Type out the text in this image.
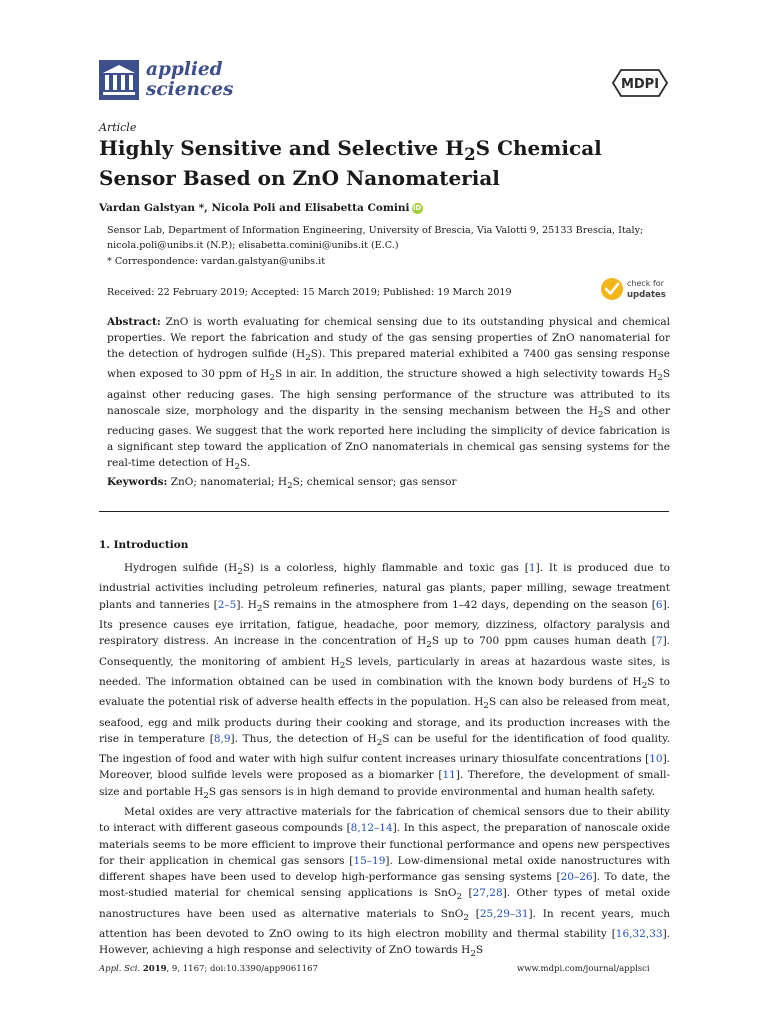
applied
sciences	MDPI
Article
Highly Sensitive and Selective $H_2S$ Chemical Sensor Based on ZnO Nanomaterial
Vardan Galstyan *, Nicola Poli and Elisabetta Comini iD
Sensor Lab, Department of Information Engineering, University of Brescia, Via Valotti 9, 25133 Brescia, Italy;
nicola.poli@unibs.it (N.P.); elisabetta.comini@unibs.it (E.C.)
* Correspondence: vardan.galstyan@unibs.it
Received: 22 February 2019; Accepted: 15 March 2019; Published: 19 March 2019
check for
updates

Abstract: ZnO is worth evaluating for chemical sensing due to its outstanding physical and chemical properties. We report the fabrication and study of the gas sensing properties of ZnO nanomaterial for the detection of hydrogen sulfide $(H_2S)$. This prepared material exhibited a 7400 gas sensing response when exposed to 30 ppm of $H_2S$ in air. In addition, the structure showed a high selectivity towards $H_2S$ against other reducing gases. The high sensing performance of the structure was attributed to its nanoscale size, morphology and the disparity in the sensing mechanism between the $H_2S$ and other reducing gases. We suggest that the work reported here including the simplicity of device fabrication is a significant step toward the application of ZnO nanomaterials in chemical gas sensing systems for the real-time detection of $H_2S$.

Keywords: ZnO; nanomaterial; $H_2S$; chemical sensor; gas sensor
1. Introduction

Hydrogen sulfide $(H_2S)$ is a colorless, highly flammable and toxic gas [1]. It is produced due to industrial activities including petroleum refineries, natural gas plants, paper milling, sewage treatment plants and tanneries [2–5]. $H_2S$ remains in the atmosphere from 1–42 days, depending on the season [6]. Its presence causes eye irritation, fatigue, headache, poor memory, dizziness, olfactory paralysis and respiratory distress. An increase in the concentration of $H_2S$ up to 700 ppm causes human death [7]. Consequently, the monitoring of ambient $H_2S$ levels, particularly in areas at hazardous waste sites, is needed. The information obtained can be used in combination with the known body burdens of $H_2S$ to evaluate the potential risk of adverse health effects in the population. $H_2S$ can also be released from meat, seafood, egg and milk products during their cooking and storage, and its production increases with the rise in temperature [8,9]. Thus, the detection of $H_2S$ can be useful for the identification of food quality. The ingestion of food and water with high sulfur content increases urinary thiosulfate concentrations [10]. Moreover, blood sulfide levels were proposed as a biomarker [11]. Therefore, the development of small-size and portable $H_2S$ gas sensors is in high demand to provide environmental and human health safety.

Metal oxides are very attractive materials for the fabrication of chemical sensors due to their ability to interact with different gaseous compounds [8,12–14]. In this aspect, the preparation of nanoscale oxide materials seems to be more efficient to improve their functional performance and opens new perspectives for their application in chemical gas sensors [15–19]. Low-dimensional metal oxide nanostructures with different shapes have been used to develop high-performance gas sensing systems [20–26]. To date, the most-studied material for chemical sensing applications is SnO$_2$ [27,28]. Other types of metal oxide nanostructures have been used as alternative materials to SnO$_2$ [25,29–31]. In recent years, much attention has been devoted to ZnO owing to its high electron mobility and thermal stability [16,32,33]. However, achieving a high response and selectivity of ZnO towards $H_2S$

Appl. Sci. 2019, 9, 1167; doi:10.3390/app9061167	www.mdpi.com/journal/applsci
